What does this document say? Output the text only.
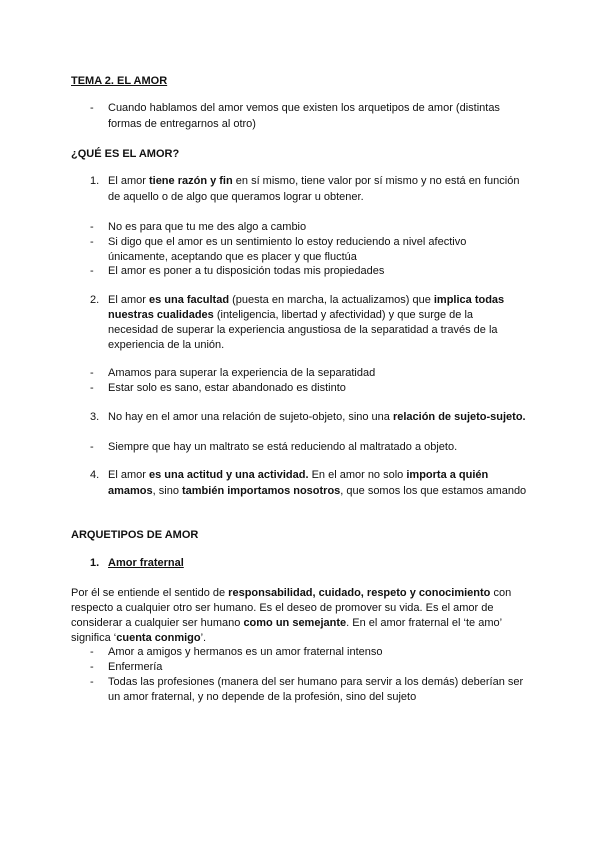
TEMA 2. EL AMOR
- Cuando hablamos del amor vemos que existen los arquetipos de amor (distintas
formas de entregarnos al otro)
¿QUÉ ES EL AMOR?
1. El amor tiene razón y fin en sí mismo, tiene valor por sí mismo y no está en función
de aquello o de algo que queramos lograr u obtener.
- No es para que tu me des algo a cambio
- Si digo que el amor es un sentimiento lo estoy reduciendo a nivel afectivo
únicamente, aceptando que es placer y que fluctúa
- El amor es poner a tu disposición todas mis propiedades
2. El amor es una facultad (puesta en marcha, la actualizamos) que implica todas
nuestras cualidades (inteligencia, libertad y afectividad) y que surge de la
necesidad de superar la experiencia angustiosa de la separatidad a través de la
experiencia de la unión.
- Amamos para superar la experiencia de la separatidad
- Estar solo es sano, estar abandonado es distinto
3. No hay en el amor una relación de sujeto-objeto, sino una relación de sujeto-sujeto.
- Siempre que hay un maltrato se está reduciendo al maltratado a objeto.
4. El amor es una actitud y una actividad. En el amor no solo importa a quién
amamos, sino también importamos nosotros, que somos los que estamos amando
ARQUETIPOS DE AMOR
1. Amor fraternal
Por él se entiende el sentido de responsabilidad, cuidado, respeto y conocimiento con
respecto a cualquier otro ser humano. Es el deseo de promover su vida. Es el amor de
considerar a cualquier ser humano como un semejante. En el amor fraternal el ‘te amo’
significa ‘cuenta conmigo’.
- Amor a amigos y hermanos es un amor fraternal intenso
- Enfermería
- Todas las profesiones (manera del ser humano para servir a los demás) deberían ser
un amor fraternal, y no depende de la profesión, sino del sujeto
